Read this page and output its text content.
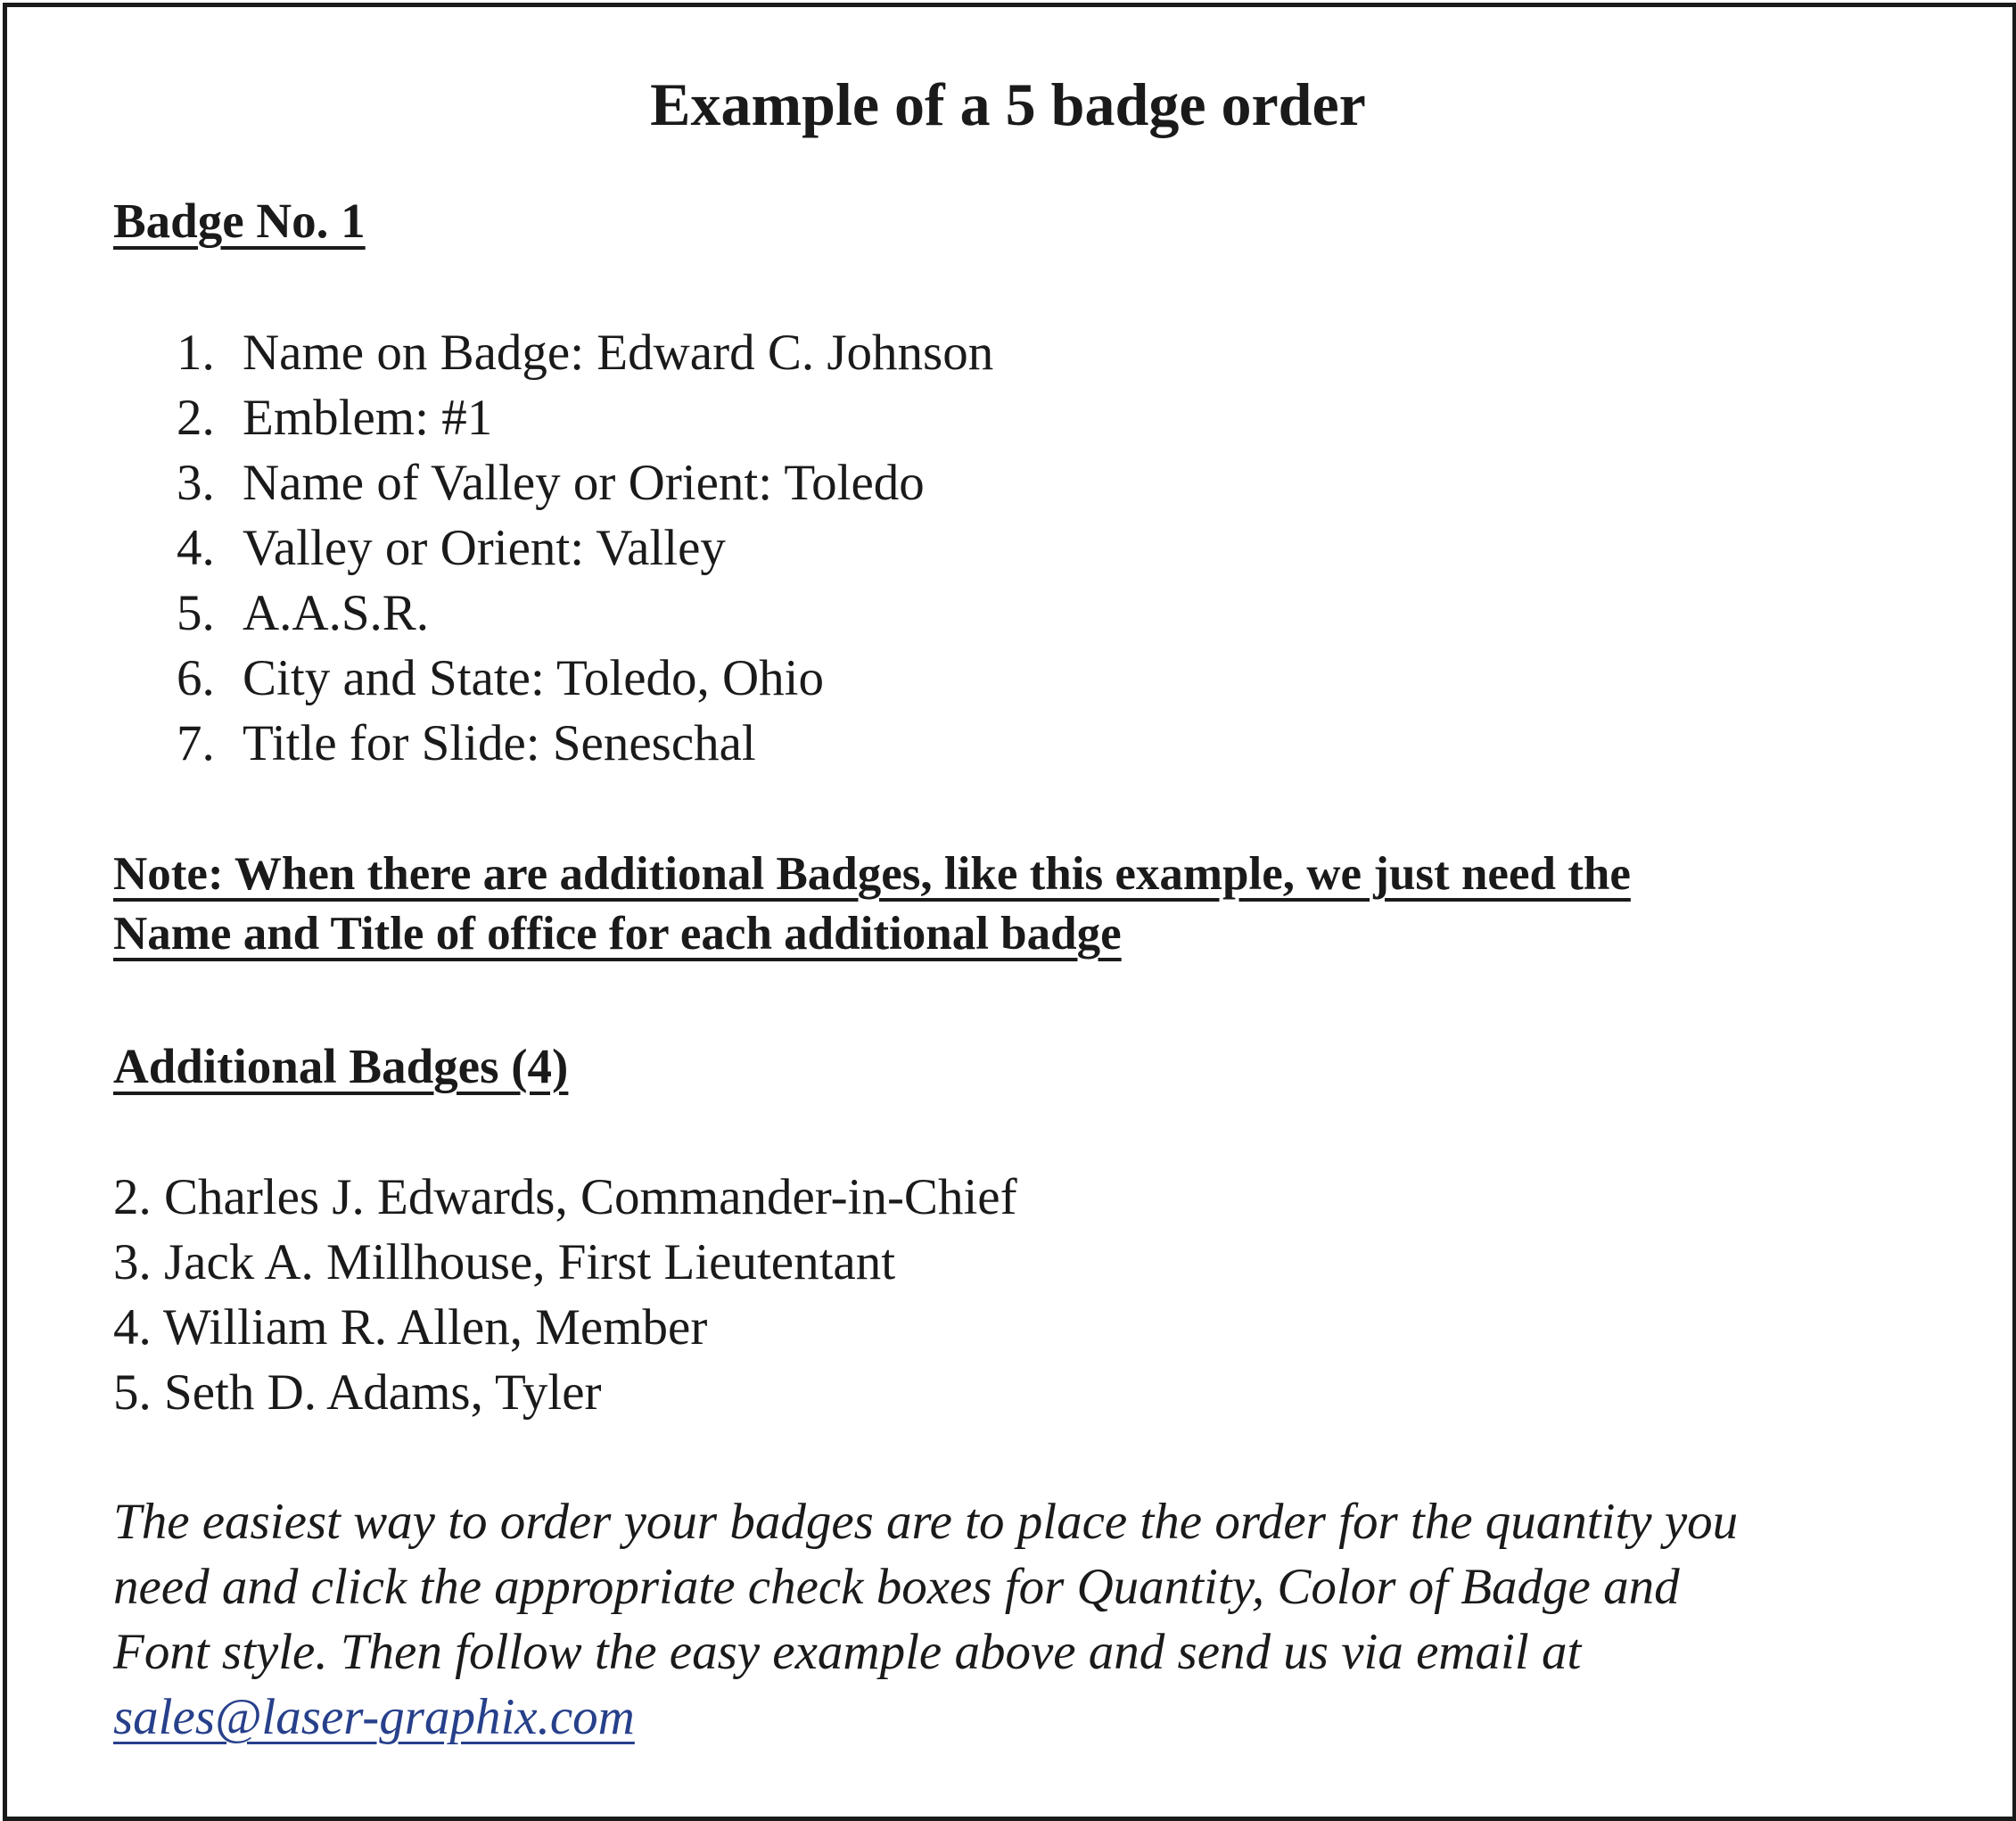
Example of a 5 badge order
Badge No. 1
1. Name on Badge: Edward C. Johnson
2. Emblem: #1
3. Name of Valley or Orient: Toledo
4. Valley or Orient: Valley
5. A.A.S.R.
6. City and State: Toledo, Ohio
7. Title for Slide: Seneschal
Note: When there are additional Badges, like this example, we just need the
Name and Title of office for each additional badge
Additional Badges (4)
2. Charles J. Edwards, Commander-in-Chief
3. Jack A. Millhouse, First Lieutentant
4. William R. Allen, Member
5. Seth D. Adams, Tyler
The easiest way to order your badges are to place the order for the quantity you
need and click the appropriate check boxes for Quantity, Color of Badge and
Font style. Then follow the easy example above and send us via email at
sales@laser-graphix.com
